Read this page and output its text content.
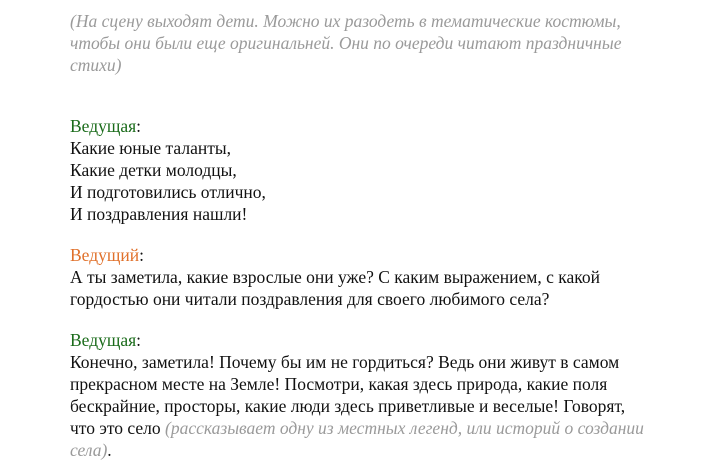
(На сцену выходят дети. Можно их разодеть в тематические костюмы,
чтобы они были еще оригинальней. Они по очереди читают праздничные
стихи)

Ведущая:

Какие юные таланты,
Какие детки молодцы,
И подготовились отлично,
И поздравления нашли!

Ведущий:

А ты заметила, какие взрослые они уже? С каким выражением, с какой
гордостью они читали поздравления для своего любимого села?

Ведущая:

Конечно, заметила! Почему бы им не гордиться? Ведь они живут в самом
прекрасном месте на Земле! Посмотри, какая здесь природа, какие поля
бескрайние, просторы, какие люди здесь приветливые и веселые! Говорят,
что это село (рассказывает одну из местных легенд, или историй о создании
села).
